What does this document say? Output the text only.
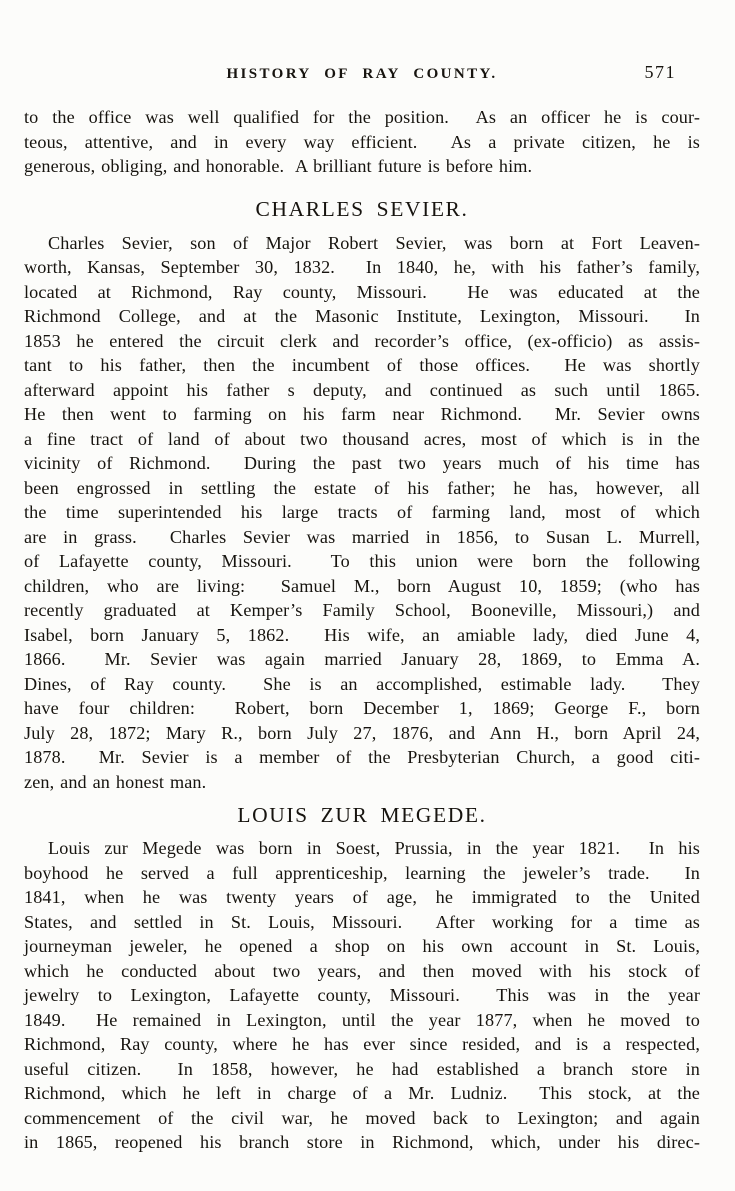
HISTORY OF RAY COUNTY.	571
to the office was well qualified for the position.  As an officer he is cour-
teous, attentive, and in every way efficient.  As a private citizen, he is
generous, obliging, and honorable.  A brilliant future is before him.
CHARLES SEVIER.
Charles Sevier, son of Major Robert Sevier, was born at Fort Leaven-
worth, Kansas, September 30, 1832.  In 1840, he, with his father’s family,
located at Richmond, Ray county, Missouri.  He was educated at the
Richmond College, and at the Masonic Institute, Lexington, Missouri.  In
1853 he entered the circuit clerk and recorder’s office, (ex-officio) as assis-
tant to his father, then the incumbent of those offices.  He was shortly
afterward appoint his father s deputy, and continued as such until 1865.
He then went to farming on his farm near Richmond.  Mr. Sevier owns
a fine tract of land of about two thousand acres, most of which is in the
vicinity of Richmond.  During the past two years much of his time has
been engrossed in settling the estate of his father; he has, however, all
the time superintended his large tracts of farming land, most of which
are in grass.  Charles Sevier was married in 1856, to Susan L. Murrell,
of Lafayette county, Missouri.  To this union were born the following
children, who are living:  Samuel M., born August 10, 1859; (who has
recently graduated at Kemper’s Family School, Booneville, Missouri,) and
Isabel, born January 5, 1862.  His wife, an amiable lady, died June 4,
1866.  Mr. Sevier was again married January 28, 1869, to Emma A.
Dines, of Ray county.  She is an accomplished, estimable lady.  They
have four children:  Robert, born December 1, 1869; George F., born
July 28, 1872; Mary R., born July 27, 1876, and Ann H., born April 24,
1878.  Mr. Sevier is a member of the Presbyterian Church, a good citi-
zen, and an honest man.
LOUIS ZUR MEGEDE.
Louis zur Megede was born in Soest, Prussia, in the year 1821.  In his
boyhood he served a full apprenticeship, learning the jeweler’s trade.  In
1841, when he was twenty years of age, he immigrated to the United
States, and settled in St. Louis, Missouri.  After working for a time as
journeyman jeweler, he opened a shop on his own account in St. Louis,
which he conducted about two years, and then moved with his stock of
jewelry to Lexington, Lafayette county, Missouri.  This was in the year
1849.  He remained in Lexington, until the year 1877, when he moved to
Richmond, Ray county, where he has ever since resided, and is a respected,
useful citizen.  In 1858, however, he had established a branch store in
Richmond, which he left in charge of a Mr. Ludniz.  This stock, at the
commencement of the civil war, he moved back to Lexington; and again
in 1865, reopened his branch store in Richmond, which, under his direc-
